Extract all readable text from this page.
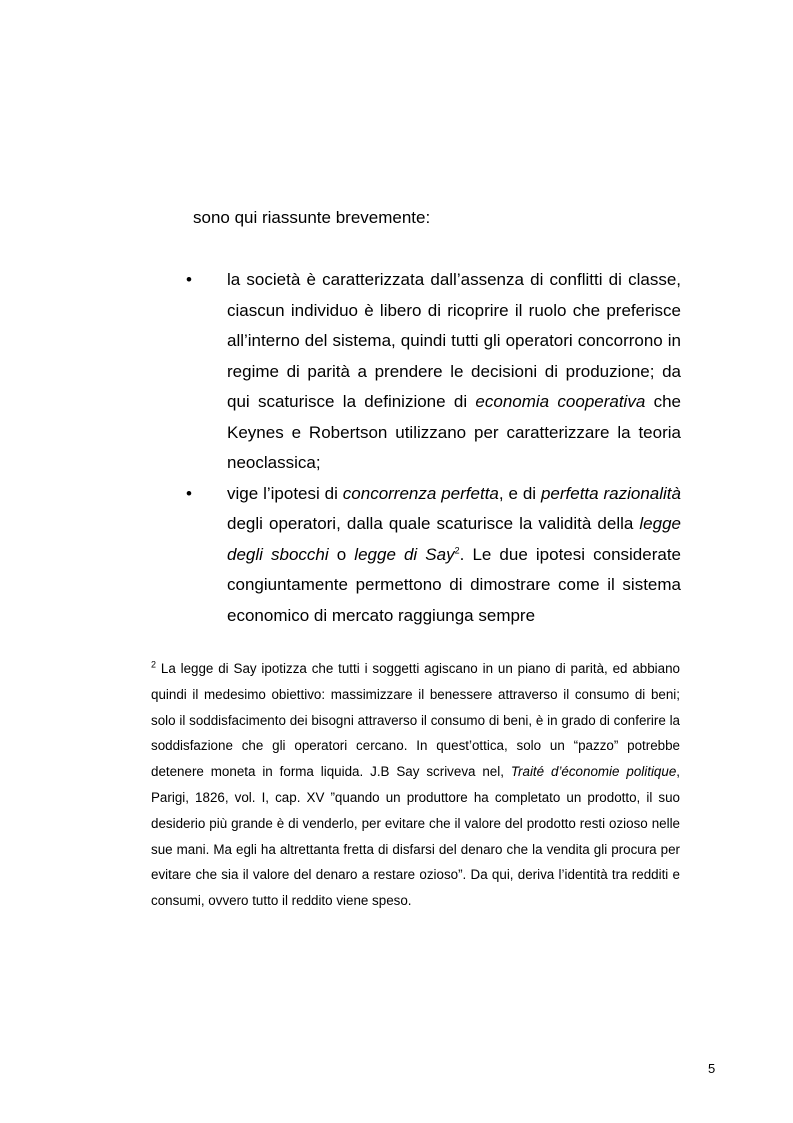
sono qui riassunte brevemente:
• la società è caratterizzata dall’assenza di conflitti di classe, ciascun individuo è libero di ricoprire il ruolo che preferisce all’interno del sistema, quindi tutti gli operatori concorrono in regime di parità a prendere le decisioni di produzione; da qui scaturisce la definizione di economia cooperativa che Keynes e Robertson utilizzano per caratterizzare la teoria neoclassica;
• vige l’ipotesi di concorrenza perfetta, e di perfetta razionalità degli operatori, dalla quale scaturisce la validità della legge degli sbocchi o legge di Say$^2$. Le due ipotesi considerate congiuntamente permettono di dimostrare come il sistema economico di mercato raggiunga sempre
$^2$ La legge di Say ipotizza che tutti i soggetti agiscano in un piano di parità, ed abbiano quindi il medesimo obiettivo: massimizzare il benessere attraverso il consumo di beni; solo il soddisfacimento dei bisogni attraverso il consumo di beni, è in grado di conferire la soddisfazione che gli operatori cercano. In quest’ottica, solo un “pazzo” potrebbe detenere moneta in forma liquida. J.B Say scriveva nel, Traité d’économie politique, Parigi, 1826, vol. I, cap. XV ”quando un produttore ha completato un prodotto, il suo desiderio più grande è di venderlo, per evitare che il valore del prodotto resti ozioso nelle sue mani. Ma egli ha altrettanta fretta di disfarsi del denaro che la vendita gli procura per evitare che sia il valore del denaro a restare ozioso”. Da qui, deriva l’identità tra redditi e consumi, ovvero tutto il reddito viene speso.
5
